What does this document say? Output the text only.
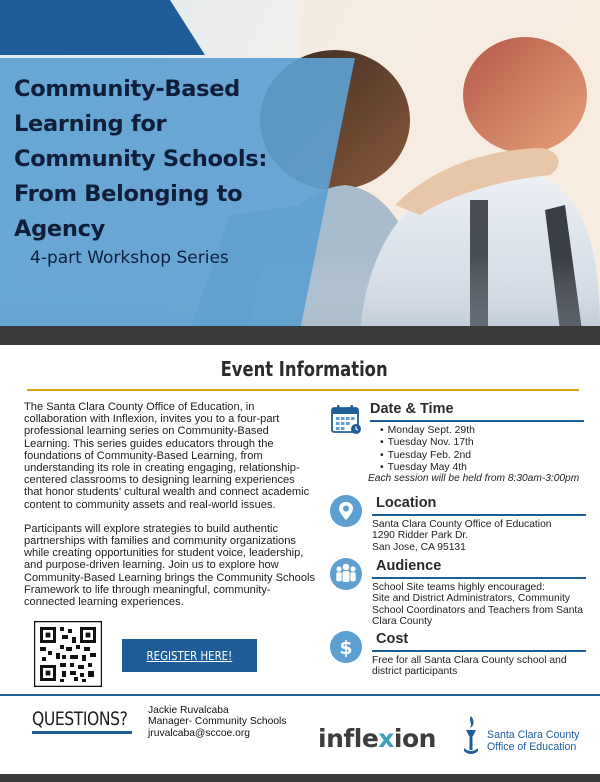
Community-Based Learning for Community Schools: From Belonging to Agency
4-part Workshop Series
Event Information

The Santa Clara County Office of Education, in collaboration with Inflexion, invites you to a four-part professional learning series on Community-Based Learning. This series guides educators through the foundations of Community-Based Learning, from understanding its role in creating engaging, relationship-centered classrooms to designing learning experiences that honor students' cultural wealth and connect academic content to community assets and real-world issues.

Participants will explore strategies to build authentic partnerships with families and community organizations while creating opportunities for student voice, leadership, and purpose-driven learning. Join us to explore how Community-Based Learning brings the Community Schools Framework to life through meaningful, community-connected learning experiences.

REGISTER HERE!
Date & Time
• Monday Sept. 29th
• Tuesday Nov. 17th
• Tuesday Feb. 2nd
• Tuesday May 4th
Each session will be held from 8:30am-3:00pm
Location
Santa Clara County Office of Education
1290 Ridder Park Dr.
San Jose, CA 95131
Audience
School Site teams highly encouraged:
Site and District Administrators, Community School Coordinators and Teachers from Santa Clara County
$ Cost
Free for all Santa Clara County school and district participants
QUESTIONS? Jackie Ruvalcaba
Manager- Community Schools
jruvalcaba@sccoe.org	inflexion	Santa Clara County
Office of Education
